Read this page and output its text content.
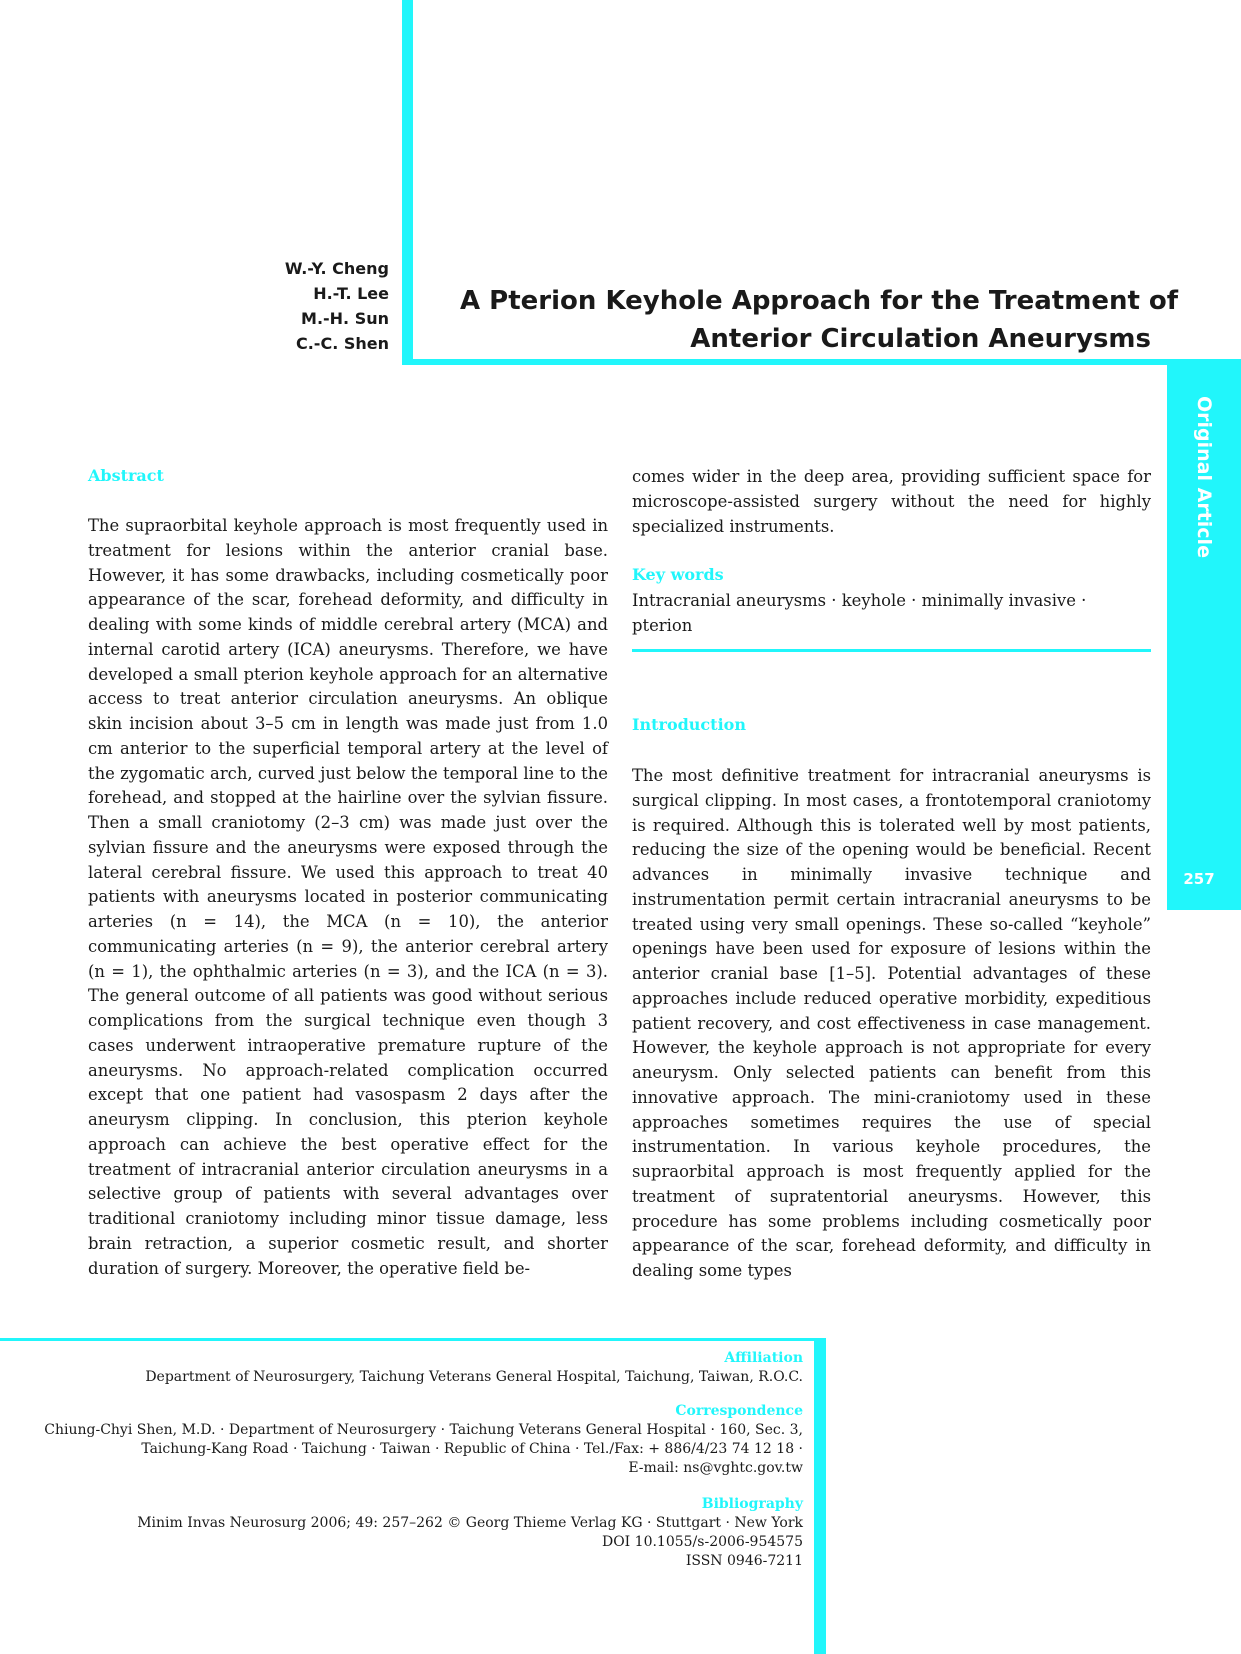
Original Article
257
W.-Y. Cheng
H.-T. Lee
M.-H. Sun
C.-C. Shen
A Pterion Keyhole Approach for the Treatment of
Anterior Circulation Aneurysms
Abstract

The supraorbital keyhole approach is most frequently used in treatment for lesions within the anterior cranial base. However, it has some drawbacks, including cosmetically poor appearance of the scar, forehead deformity, and difficulty in dealing with some kinds of middle cerebral artery (MCA) and internal carotid artery (ICA) aneurysms. Therefore, we have developed a small pterion keyhole approach for an alternative access to treat anterior circulation aneurysms. An oblique skin incision about 3–5 cm in length was made just from 1.0 cm anterior to the superficial temporal artery at the level of the zygomatic arch, curved just below the temporal line to the forehead, and stopped at the hairline over the sylvian fissure. Then a small craniotomy (2–3 cm) was made just over the sylvian fissure and the aneurysms were exposed through the lateral cerebral fissure. We used this approach to treat 40 patients with aneurysms located in posterior communicating arteries (n = 14), the MCA (n = 10), the anterior communicating arteries (n = 9), the anterior cerebral artery (n = 1), the ophthalmic arteries (n = 3), and the ICA (n = 3). The general outcome of all patients was good without serious complications from the surgical technique even though 3 cases underwent intraoperative premature rupture of the aneurysms. No approach-related complication occurred except that one patient had vasospasm 2 days after the aneurysm clipping. In conclusion, this pterion keyhole approach can achieve the best operative effect for the treatment of intracranial anterior circulation aneurysms in a selective group of patients with several advantages over traditional craniotomy including minor tissue damage, less brain retraction, a superior cosmetic result, and shorter duration of surgery. Moreover, the operative field be-

comes wider in the deep area, providing sufficient space for microscope-assisted surgery without the need for highly specialized instruments.

Key words
Intracranial aneurysms · keyhole · minimally invasive · pterion
Introduction

The most definitive treatment for intracranial aneurysms is surgical clipping. In most cases, a frontotemporal craniotomy is required. Although this is tolerated well by most patients, reducing the size of the opening would be beneficial. Recent advances in minimally invasive technique and instrumentation permit certain intracranial aneurysms to be treated using very small openings. These so-called “keyhole” openings have been used for exposure of lesions within the anterior cranial base [1–5]. Potential advantages of these approaches include reduced operative morbidity, expeditious patient recovery, and cost effectiveness in case management. However, the keyhole approach is not appropriate for every aneurysm. Only selected patients can benefit from this innovative approach. The mini-craniotomy used in these approaches sometimes requires the use of special instrumentation. In various keyhole procedures, the supraorbital approach is most frequently applied for the treatment of supratentorial aneurysms. However, this procedure has some problems including cosmetically poor appearance of the scar, forehead deformity, and difficulty in dealing some types

Affiliation
Department of Neurosurgery, Taichung Veterans General Hospital, Taichung, Taiwan, R.O.C.
Correspondence
Chiung-Chyi Shen, M.D. · Department of Neurosurgery · Taichung Veterans General Hospital · 160, Sec. 3,
Taichung-Kang Road · Taichung · Taiwan · Republic of China · Tel./Fax: + 886/4/23 74 12 18 ·
E-mail: ns@vghtc.gov.tw
Bibliography
Minim Invas Neurosurg 2006; 49: 257–262 © Georg Thieme Verlag KG · Stuttgart · New York
DOI 10.1055/s-2006-954575
ISSN 0946-7211
